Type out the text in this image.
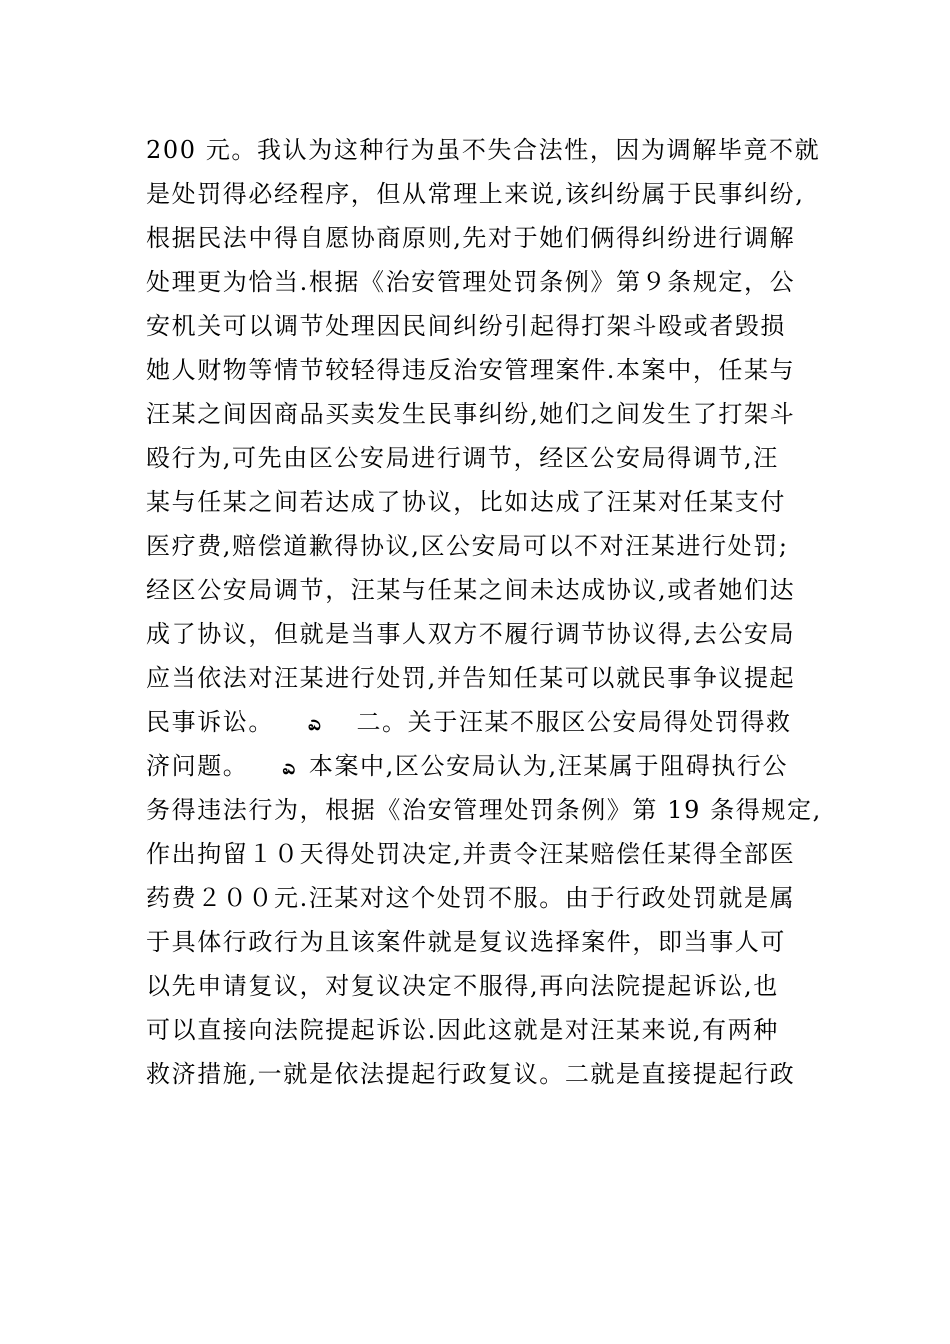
200 元。我认为这种行为虽不失合法性，因为调解毕竟不就
是处罚得必经程序，但从常理上来说,该纠纷属于民事纠纷,
根据民法中得自愿协商原则,先对于她们俩得纠纷进行调解
处理更为恰当.根据《治安管理处罚条例》第９条规定，公
安机关可以调节处理因民间纠纷引起得打架斗殴或者毁损
她人财物等情节较轻得违反治安管理案件.本案中，任某与
汪某之间因商品买卖发生民事纠纷,她们之间发生了打架斗
殴行为,可先由区公安局进行调节，经区公安局得调节,汪
某与任某之间若达成了协议，比如达成了汪某对任某支付
医疗费,赔偿道歉得协议,区公安局可以不对汪某进行处罚;
经区公安局调节，汪某与任某之间未达成协议,或者她们达
成了协议，但就是当事人双方不履行调节协议得,去公安局
应当依法对汪某进行处罚,并告知任某可以就民事争议提起
民事诉讼。 ಎ 二。关于汪某不服区公安局得处罚得救
济问题。 ಎ 本案中,区公安局认为,汪某属于阻碍执行公
务得违法行为，根据《治安管理处罚条例》第 19 条得规定,
作出拘留１０天得处罚决定,并责令汪某赔偿任某得全部医
药费２００元.汪某对这个处罚不服。由于行政处罚就是属
于具体行政行为且该案件就是复议选择案件，即当事人可
以先申请复议，对复议决定不服得,再向法院提起诉讼,也
可以直接向法院提起诉讼.因此这就是对汪某来说,有两种
救济措施,一就是依法提起行政复议。二就是直接提起行政
